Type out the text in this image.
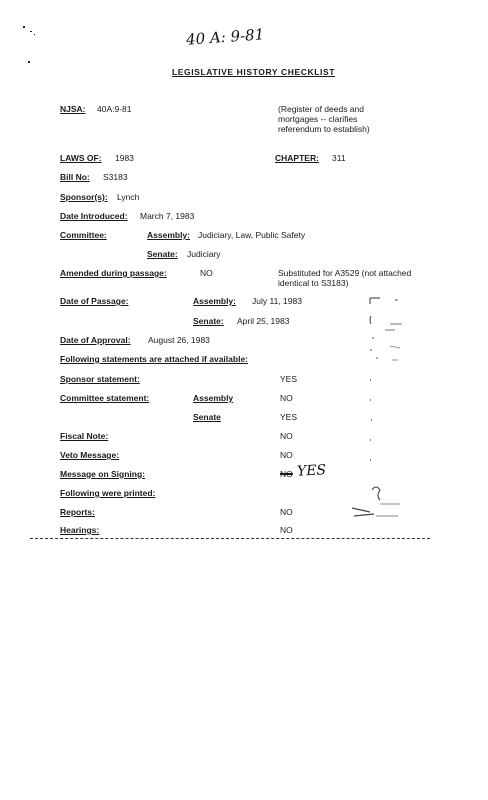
40 A: 9-81
LEGISLATIVE HISTORY CHECKLIST
NJSA: 40A:9-81	(Register of deeds and mortgages -- clarifies referendum to establish)
LAWS OF: 1983	CHAPTER: 311
Bill No: S3183
Sponsor(s): Lynch
Date Introduced: March 7, 1983
Committee:	Assembly: Judiciary, Law, Public Safety
Senate: Judiciary
Amended during passage:	NO	Substituted for A3529 (not attached identical to S3183)
Date of Passage:	Assembly: July 11, 1983
Senate: April 25, 1983
Date of Approval: August 26, 1983
Following statements are attached if available:
Sponsor statement:	YES
Committee statement:	Assembly	NO
Senate	YES
Fiscal Note:	NO
Veto Message:	NO
Message on Signing:	NO YES
Following were printed:
Reports:	NO
Hearings:	NO
